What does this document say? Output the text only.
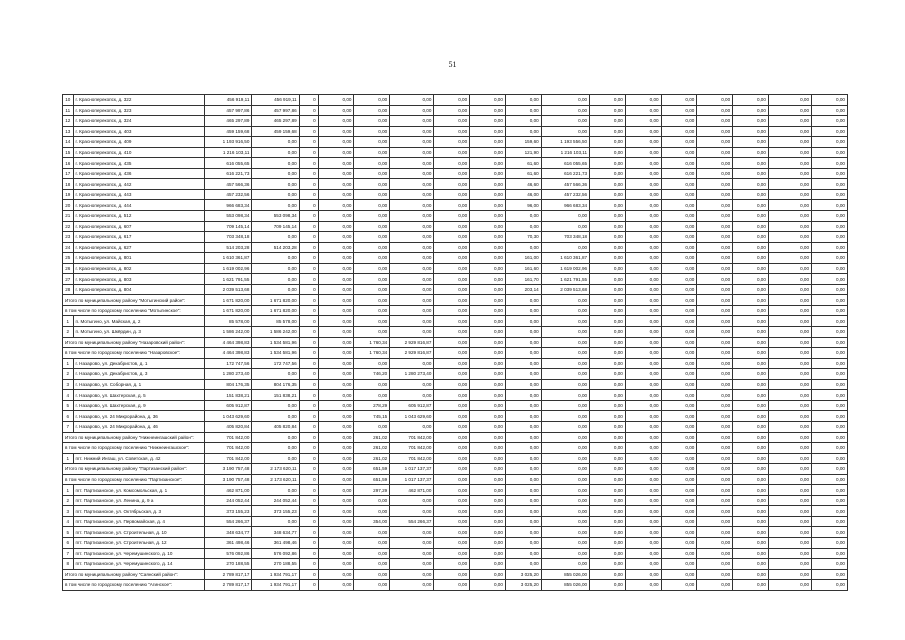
51
10	г. Красноперекопск, д. 322	456 919,11	456 919,11	0	0,00	0,00	0,00	0,00	0,00	0,00	0,00	0,00	0,00	0,00	0,00	0,00	0,00	0,00
11	г. Красноперекопск, д. 323	457 997,86	457 997,86	0	0,00	0,00	0,00	0,00	0,00	0,00	0,00	0,00	0,00	0,00	0,00	0,00	0,00	0,00
12	г. Красноперекопск, д. 324	465 297,89	465 297,89	0	0,00	0,00	0,00	0,00	0,00	0,00	0,00	0,00	0,00	0,00	0,00	0,00	0,00	0,00
13	г. Красноперекопск, д. 403	459 159,68	459 159,68	0	0,00	0,00	0,00	0,00	0,00	0,00	0,00	0,00	0,00	0,00	0,00	0,00	0,00	0,00
14	г. Красноперекопск, д. 409	1 193 916,50	0,00	0	0,00	0,00	0,00	0,00	0,00	159,60	1 193 556,50	0,00	0,00	0,00	0,00	0,00	0,00	0,00
15	г. Красноперекопск, д. 410	1 216 103,11	0,00	0	0,00	0,00	0,00	0,00	0,00	121,90	1 216 103,11	0,00	0,00	0,00	0,00	0,00	0,00	0,00
16	г. Красноперекопск, д. 435	616 055,65	0,00	0	0,00	0,00	0,00	0,00	0,00	61,60	616 055,65	0,00	0,00	0,00	0,00	0,00	0,00	0,00
17	г. Красноперекопск, д. 436	616 221,73	0,00	0	0,00	0,00	0,00	0,00	0,00	61,60	616 221,73	0,00	0,00	0,00	0,00	0,00	0,00	0,00
18	г. Красноперекопск, д. 442	457 566,36	0,00	0	0,00	0,00	0,00	0,00	0,00	46,60	457 566,36	0,00	0,00	0,00	0,00	0,00	0,00	0,00
19	г. Красноперекопск, д. 443	457 232,56	0,00	0	0,00	0,00	0,00	0,00	0,00	46,00	457 232,56	0,00	0,00	0,00	0,00	0,00	0,00	0,00
20	г. Красноперекопск, д. 444	966 683,34	0,00	0	0,00	0,00	0,00	0,00	0,00	96,00	966 683,34	0,00	0,00	0,00	0,00	0,00	0,00	0,00
21	г. Красноперекопск, д. 512	553 098,34	553 098,34	0	0,00	0,00	0,00	0,00	0,00	0,00	0,00	0,00	0,00	0,00	0,00	0,00	0,00	0,00
22	г. Красноперекопск, д. 607	709 145,14	709 145,14	0	0,00	0,00	0,00	0,00	0,00	0,00	0,00	0,00	0,00	0,00	0,00	0,00	0,00	0,00
23	г. Красноперекопск, д. 617	703 348,18	0,00	0	0,00	0,00	0,00	0,00	0,00	70,30	703 348,18	0,00	0,00	0,00	0,00	0,00	0,00	0,00
24	г. Красноперекопск, д. 627	514 203,28	514 203,28	0	0,00	0,00	0,00	0,00	0,00	0,00	0,00	0,00	0,00	0,00	0,00	0,00	0,00	0,00
25	г. Красноперекопск, д. 801	1 610 361,87	0,00	0	0,00	0,00	0,00	0,00	0,00	161,00	1 610 361,87	0,00	0,00	0,00	0,00	0,00	0,00	0,00
26	г. Красноперекопск, д. 802	1 619 002,96	0,00	0	0,00	0,00	0,00	0,00	0,00	161,60	1 619 002,96	0,00	0,00	0,00	0,00	0,00	0,00	0,00
27	г. Красноперекопск, д. 803	1 621 791,55	0,00	0	0,00	0,00	0,00	0,00	0,00	161,70	1 621 791,55	0,00	0,00	0,00	0,00	0,00	0,00	0,00
28	г. Красноперекопск, д. 804	2 039 513,68	0,00	0	0,00	0,00	0,00	0,00	0,00	203,14	2 039 513,68	0,00	0,00	0,00	0,00	0,00	0,00	0,00
Итого по муниципальному району "Мотыгинский район":		1 671 820,00	1 671 820,00	0	0,00	0,00	0,00	0,00	0,00	0,00	0,00	0,00	0,00	0,00	0,00	0,00	0,00	0,00
в том числе по городскому поселению "Мотыгинское":		1 671 820,00	1 671 820,00	0	0,00	0,00	0,00	0,00	0,00	0,00	0,00	0,00	0,00	0,00	0,00	0,00	0,00	0,00
1	п. Мотыгино, ул. Майская, д. 2	85 578,00	85 578,00	0	0,00	0,00	0,00	0,00	0,00	0,00	0,00	0,00	0,00	0,00	0,00	0,00	0,00	0,00
2	п. Мотыгино, ул. Шкёрдин, д. 3	1 586 242,00	1 586 242,00	0	0,00	0,00	0,00	0,00	0,00	0,00	0,00	0,00	0,00	0,00	0,00	0,00	0,00	0,00
Итого по муниципальному району "Назаровский район":		4 464 398,83	1 534 581,96	0	0,00	1 760,34	2 929 816,87	0,00	0,00	0,00	0,00	0,00	0,00	0,00	0,00	0,00	0,00	0,00
в том числе по городскому поселению "Назаровское":		4 464 398,83	1 534 581,96	0	0,00	1 760,34	2 929 816,87	0,00	0,00	0,00	0,00	0,00	0,00	0,00	0,00	0,00	0,00	0,00
1	г. Назарово, ул. Декабристов, д. 1	172 747,56	172 747,56	0	0,00	0,00	0,00	0,00	0,00	0,00	0,00	0,00	0,00	0,00	0,00	0,00	0,00	0,00
2	г. Назарово, ул. Декабристов, д. 3	1 280 273,40	0,00	0	0,00	746,20	1 280 273,40	0,00	0,00	0,00	0,00	0,00	0,00	0,00	0,00	0,00	0,00	0,00
3	г. Назарово, ул. Соборная, д. 1	804 176,35	804 176,35	0	0,00	0,00	0,00	0,00	0,00	0,00	0,00	0,00	0,00	0,00	0,00	0,00	0,00	0,00
4	г. Назарово, ул. Шахтерская, д. 5	151 838,21	151 838,21	0	0,00	0,00	0,00	0,00	0,00	0,00	0,00	0,00	0,00	0,00	0,00	0,00	0,00	0,00
5	г. Назарово, ул. Шахтерская, д. 9	605 912,87	0,00	0	0,00	278,29	605 912,87	0,00	0,00	0,00	0,00	0,00	0,00	0,00	0,00	0,00	0,00	0,00
6	г. Назарово, ул. 24 Микрорайона, д. 36	1 043 629,60	0,00	0	0,00	745,15	1 043 629,60	0,00	0,00	0,00	0,00	0,00	0,00	0,00	0,00	0,00	0,00	0,00
7	г. Назарово, ул. 24 Микрорайона, д. 46	405 820,84	405 820,84	0	0,00	0,00	0,00	0,00	0,00	0,00	0,00	0,00	0,00	0,00	0,00	0,00	0,00	0,00
Итого по муниципальному району "Нижнеингашский район":		701 842,00	0,00	0	0,00	261,02	701 842,00	0,00	0,00	0,00	0,00	0,00	0,00	0,00	0,00	0,00	0,00	0,00
в том числе по городскому поселению "Нижнеингашское":		701 842,00	0,00	0	0,00	261,02	701 842,00	0,00	0,00	0,00	0,00	0,00	0,00	0,00	0,00	0,00	0,00	0,00
1	пгт. Нижний Ингаш, ул. Советская, д. 42	701 842,00	0,00	0	0,00	261,02	701 842,00	0,00	0,00	0,00	0,00	0,00	0,00	0,00	0,00	0,00	0,00	0,00
Итого по муниципальному району "Партизанский район":		3 190 757,48	2 173 620,11	0	0,00	651,59	1 017 137,37	0,00	0,00	0,00	0,00	0,00	0,00	0,00	0,00	0,00	0,00	0,00
в том числе по городскому поселению "Партизанское":		3 190 757,48	2 173 620,11	0	0,00	651,59	1 017 137,37	0,00	0,00	0,00	0,00	0,00	0,00	0,00	0,00	0,00	0,00	0,00
1	пгт. Партизанское, ул. Комсомольская, д. 1	462 871,00	0,00	0	0,00	297,29	462 871,00	0,00	0,00	0,00	0,00	0,00	0,00	0,00	0,00	0,00	0,00	0,00
2	пгт. Партизанское, ул. Ленина, д. 9 а	244 052,44	244 052,44	0	0,00	0,00	0,00	0,00	0,00	0,00	0,00	0,00	0,00	0,00	0,00	0,00	0,00	0,00
3	пгт. Партизанское, ул. Октябрьская, д. 3	373 155,23	373 155,23	0	0,00	0,00	0,00	0,00	0,00	0,00	0,00	0,00	0,00	0,00	0,00	0,00	0,00	0,00
4	пгт. Партизанское, ул. Первомайская, д. 4	554 266,37	0,00	0	0,00	354,00	554 266,37	0,00	0,00	0,00	0,00	0,00	0,00	0,00	0,00	0,00	0,00	0,00
5	пгт. Партизанское, ул. Строительная, д. 10	348 634,77	348 634,77	0	0,00	0,00	0,00	0,00	0,00	0,00	0,00	0,00	0,00	0,00	0,00	0,00	0,00	0,00
6	пгт. Партизанское, ул. Строительная, д. 12	361 498,46	361 498,46	0	0,00	0,00	0,00	0,00	0,00	0,00	0,00	0,00	0,00	0,00	0,00	0,00	0,00	0,00
7	пгт. Партизанское, ул. Черемушинского, д. 10	576 092,86	576 092,86	0	0,00	0,00	0,00	0,00	0,00	0,00	0,00	0,00	0,00	0,00	0,00	0,00	0,00	0,00
8	пгт. Партизанское, ул. Черемушинского, д. 14	270 188,55	270 188,55	0	0,00	0,00	0,00	0,00	0,00	0,00	0,00	0,00	0,00	0,00	0,00	0,00	0,00	0,00
Итого по муниципальному району "Саянский район":		2 789 817,17	1 934 791,17	0	0,00	0,00	0,00	0,00	0,00	3 025,20	855 026,00	0,00	0,00	0,00	0,00	0,00	0,00	0,00
в том числе по городскому поселению "Агинское":		2 789 817,17	1 934 791,17	0	0,00	0,00	0,00	0,00	0,00	3 025,20	855 026,00	0,00	0,00	0,00	0,00	0,00	0,00	0,00
